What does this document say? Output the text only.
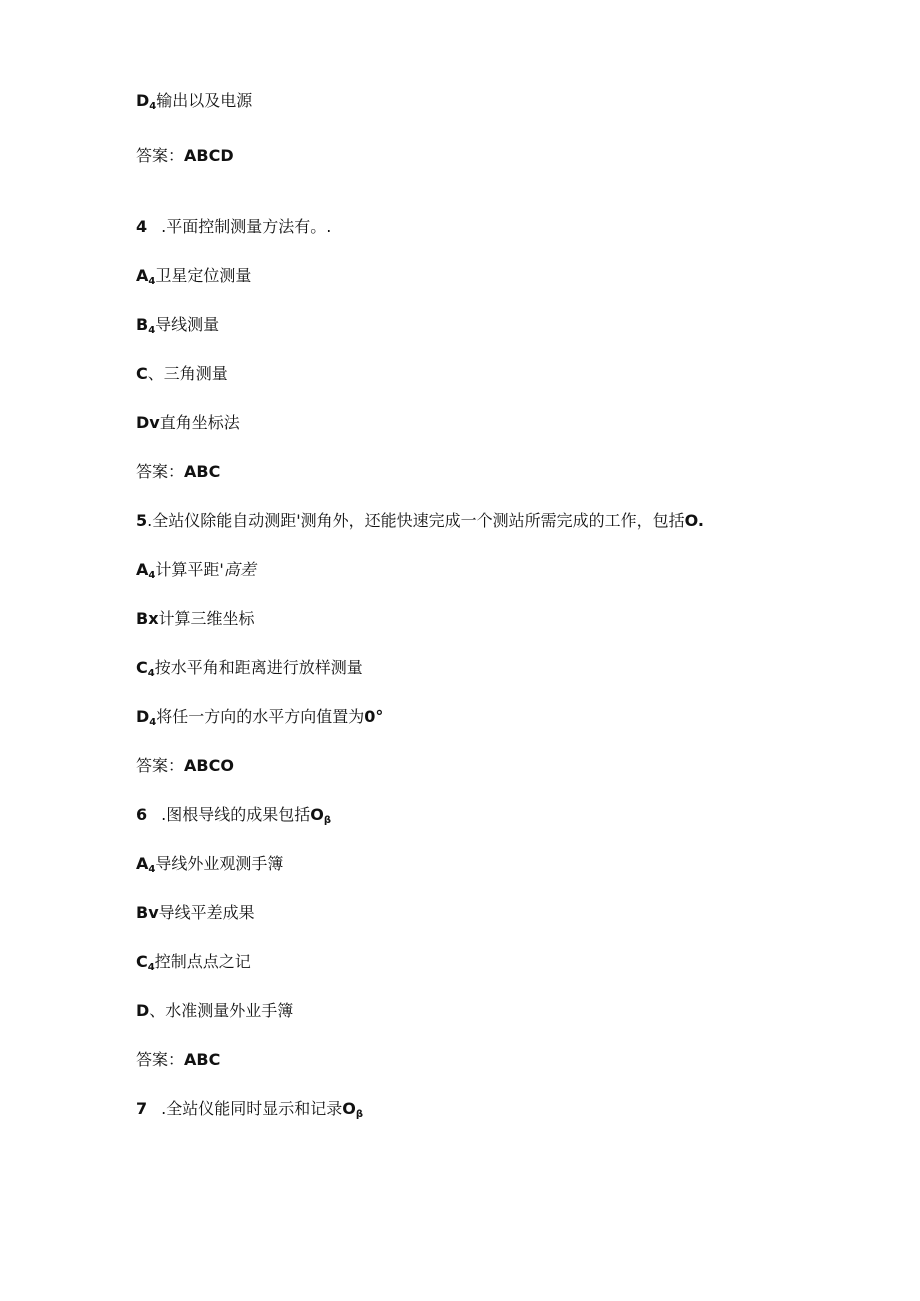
D4输出以及电源
答案：ABCD
4 .平面控制测量方法有。.
A4卫星定位测量
B4导线测量
C、三角测量
Dv直角坐标法
答案：ABC
5.全站仪除能自动测距'测角外，还能快速完成一个测站所需完成的工作，包括O.
A4计算平距'高差
Bx计算三维坐标
C4按水平角和距离进行放样测量
D4将任一方向的水平方向值置为0°
答案：ABCO
6 .图根导线的成果包括Oβ
A4导线外业观测手簿
Bv导线平差成果
C4控制点点之记
D、水准测量外业手簿
答案：ABC
7 .全站仪能同时显示和记录Oβ
